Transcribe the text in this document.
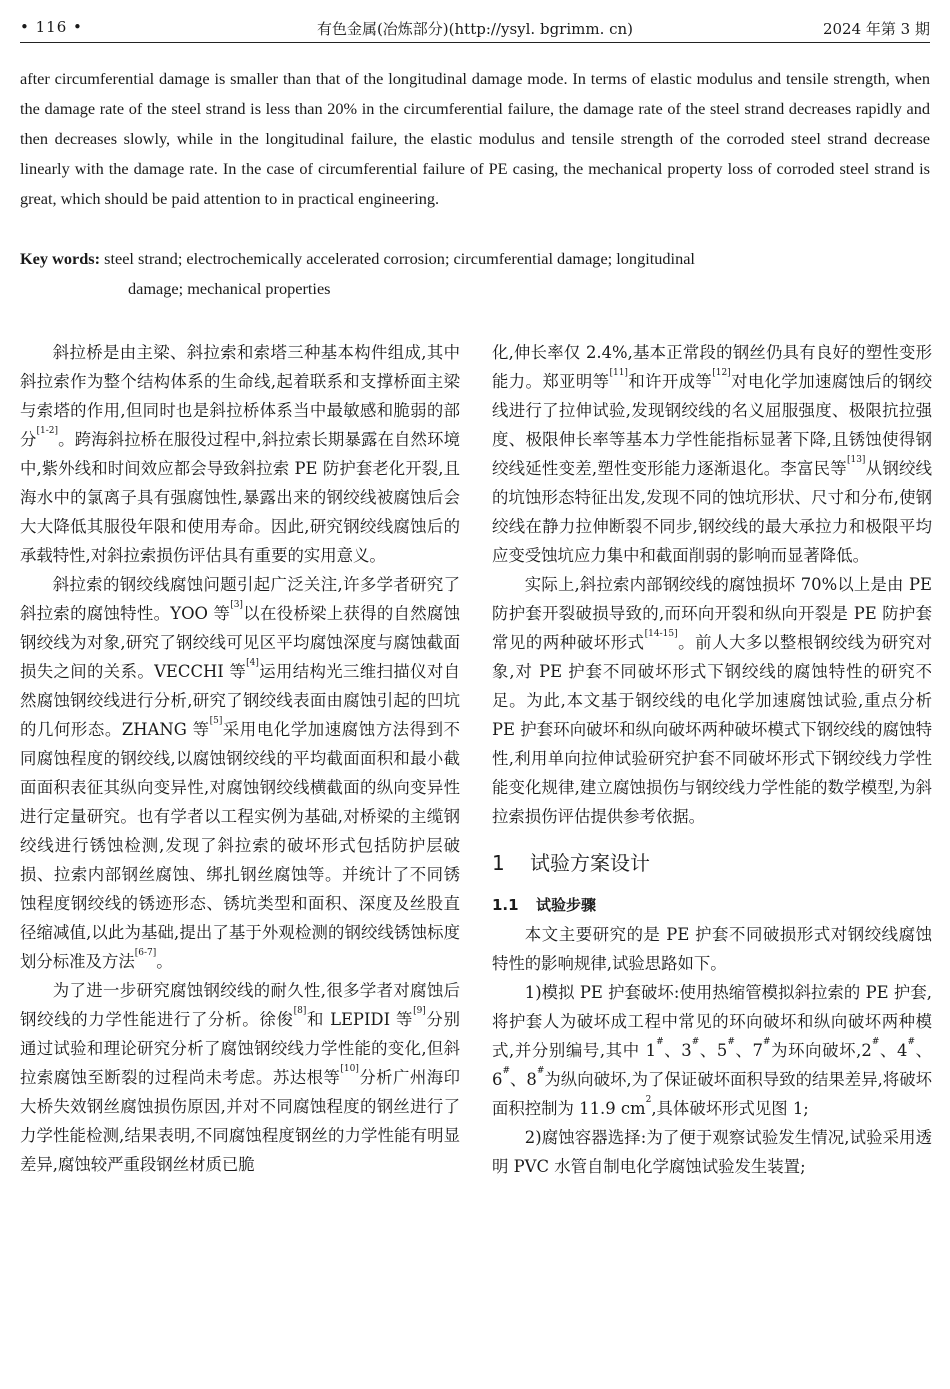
• 116 •	有色金属(冶炼部分)(http://ysyl. bgrimm. cn)	2024 年第 3 期
after circumferential damage is smaller than that of the longitudinal damage mode. In terms of elastic modulus and tensile strength, when the damage rate of the steel strand is less than 20% in the circumferential failure, the damage rate of the steel strand decreases rapidly and then decreases slowly, while in the longitudinal failure, the elastic modulus and tensile strength of the corroded steel strand decrease linearly with the damage rate. In the case of circumferential failure of PE casing, the mechanical property loss of corroded steel strand is great, which should be paid attention to in practical engineering.
Key words: steel strand; electrochemically accelerated corrosion; circumferential damage; longitudinal
damage; mechanical properties

斜拉桥是由主梁、斜拉索和索塔三种基本构件组成,其中斜拉索作为整个结构体系的生命线,起着联系和支撑桥面主梁与索塔的作用,但同时也是斜拉桥体系当中最敏感和脆弱的部分[1-2]。跨海斜拉桥在服役过程中,斜拉索长期暴露在自然环境中,紫外线和时间效应都会导致斜拉索 PE 防护套老化开裂,且海水中的氯离子具有强腐蚀性,暴露出来的钢绞线被腐蚀后会大大降低其服役年限和使用寿命。因此,研究钢绞线腐蚀后的承载特性,对斜拉索损伤评估具有重要的实用意义。

斜拉索的钢绞线腐蚀问题引起广泛关注,许多学者研究了斜拉索的腐蚀特性。YOO 等[3]以在役桥梁上获得的自然腐蚀钢绞线为对象,研究了钢绞线可见区平均腐蚀深度与腐蚀截面损失之间的关系。VECCHI 等[4]运用结构光三维扫描仪对自然腐蚀钢绞线进行分析,研究了钢绞线表面由腐蚀引起的凹坑的几何形态。ZHANG 等[5]采用电化学加速腐蚀方法得到不同腐蚀程度的钢绞线,以腐蚀钢绞线的平均截面面积和最小截面面积表征其纵向变异性,对腐蚀钢绞线横截面的纵向变异性进行定量研究。也有学者以工程实例为基础,对桥梁的主缆钢绞线进行锈蚀检测,发现了斜拉索的破坏形式包括防护层破损、拉索内部钢丝腐蚀、绑扎钢丝腐蚀等。并统计了不同锈蚀程度钢绞线的锈迹形态、锈坑类型和面积、深度及丝股直径缩减值,以此为基础,提出了基于外观检测的钢绞线锈蚀标度划分标准及方法[6-7]。

为了进一步研究腐蚀钢绞线的耐久性,很多学者对腐蚀后钢绞线的力学性能进行了分析。徐俊[8]和 LEPIDI 等[9]分别通过试验和理论研究分析了腐蚀钢绞线力学性能的变化,但斜拉索腐蚀至断裂的过程尚未考虑。苏达根等[10]分析广州海印大桥失效钢丝腐蚀损伤原因,并对不同腐蚀程度的钢丝进行了力学性能检测,结果表明,不同腐蚀程度钢丝的力学性能有明显差异,腐蚀较严重段钢丝材质已脆

化,伸长率仅 2.4%,基本正常段的钢丝仍具有良好的塑性变形能力。郑亚明等[11]和许开成等[12]对电化学加速腐蚀后的钢绞线进行了拉伸试验,发现钢绞线的名义屈服强度、极限抗拉强度、极限伸长率等基本力学性能指标显著下降,且锈蚀使得钢绞线延性变差,塑性变形能力逐渐退化。李富民等[13]从钢绞线的坑蚀形态特征出发,发现不同的蚀坑形状、尺寸和分布,使钢绞线在静力拉伸断裂不同步,钢绞线的最大承拉力和极限平均应变受蚀坑应力集中和截面削弱的影响而显著降低。

实际上,斜拉索内部钢绞线的腐蚀损坏 70%以上是由 PE 防护套开裂破损导致的,而环向开裂和纵向开裂是 PE 防护套常见的两种破坏形式[14-15]。前人大多以整根钢绞线为研究对象,对 PE 护套不同破坏形式下钢绞线的腐蚀特性的研究不足。为此,本文基于钢绞线的电化学加速腐蚀试验,重点分析 PE 护套环向破坏和纵向破坏两种破坏模式下钢绞线的腐蚀特性,利用单向拉伸试验研究护套不同破坏形式下钢绞线力学性能变化规律,建立腐蚀损伤与钢绞线力学性能的数学模型,为斜拉索损伤评估提供参考依据。

1 试验方案设计
1.1 试验步骤

本文主要研究的是 PE 护套不同破损形式对钢绞线腐蚀特性的影响规律,试验思路如下。

1)模拟 PE 护套破坏:使用热缩管模拟斜拉索的 PE 护套,将护套人为破坏成工程中常见的环向破坏和纵向破坏两种模式,并分别编号,其中 1#、3#、5#、7#为环向破坏,2#、4#、6#、8#为纵向破坏,为了保证破坏面积导致的结果差异,将破坏面积控制为 11.9 $cm^2$,具体破坏形式见图 1;

2)腐蚀容器选择:为了便于观察试验发生情况,试验采用透明 PVC 水管自制电化学腐蚀试验发生装置;
